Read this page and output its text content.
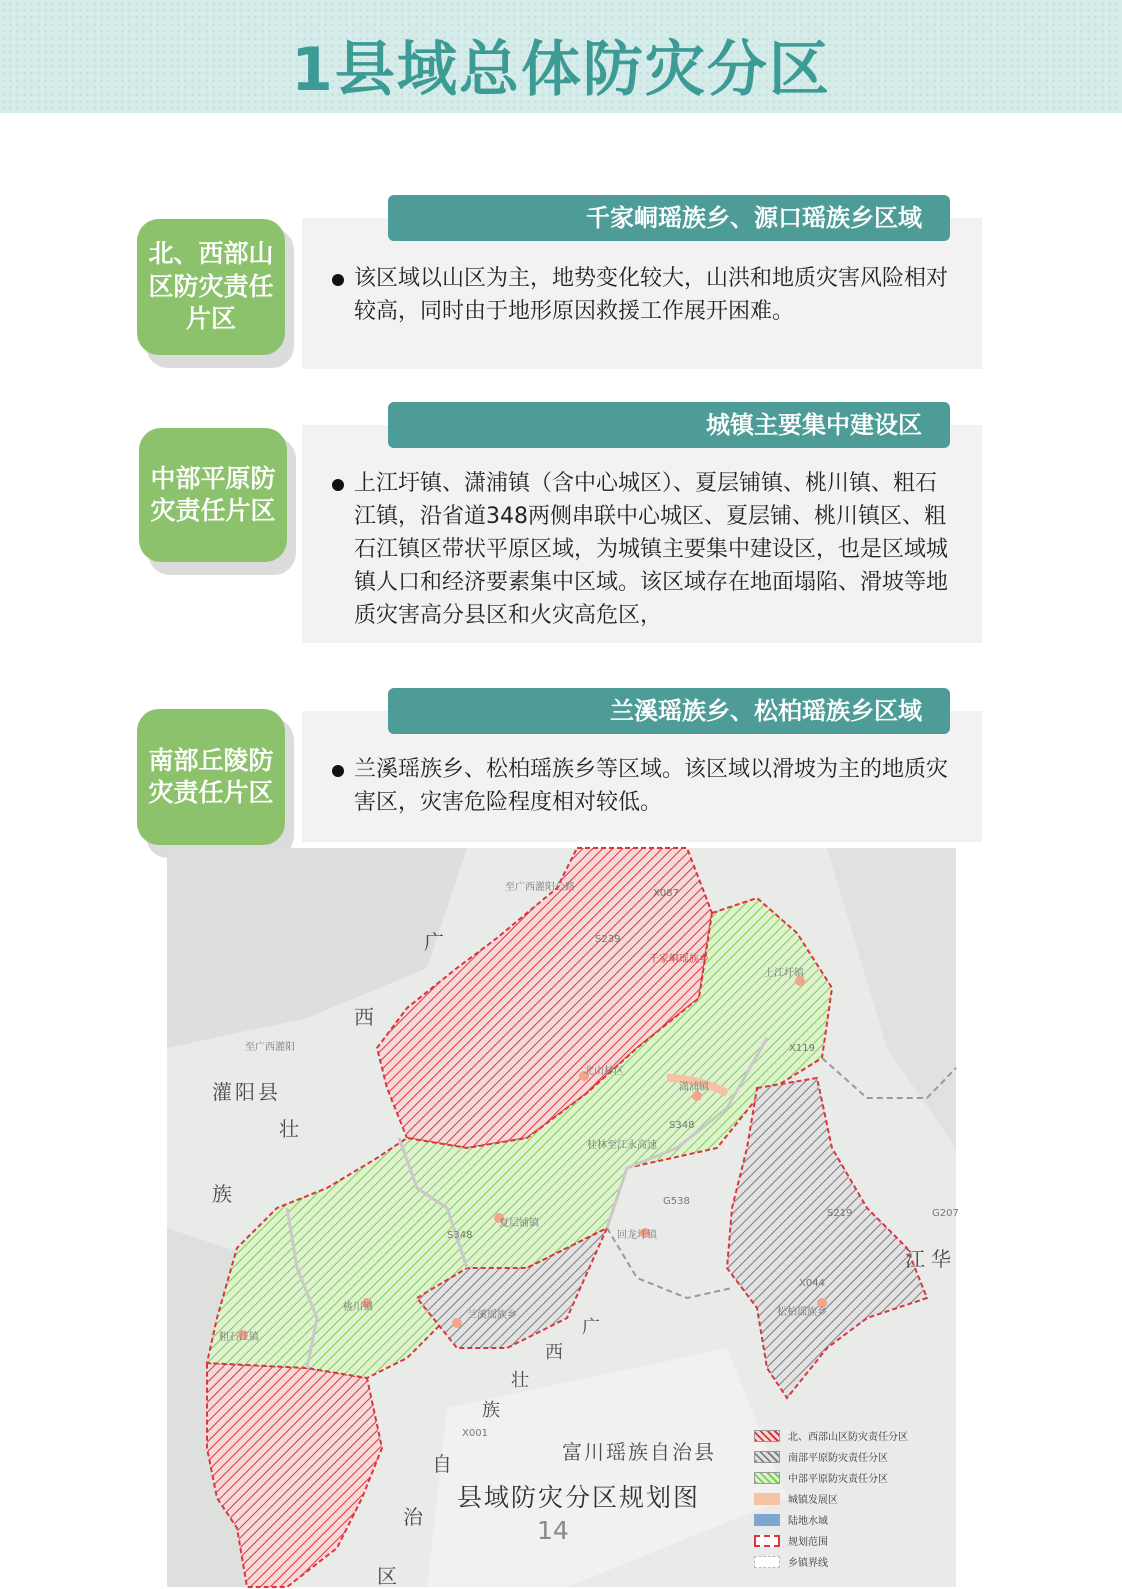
1县域总体防灾分区
千家峒瑶族乡、源口瑶族乡区域
北、西部山区防灾责任片区
该区域以山区为主，地势变化较大，山洪和地质灾害风险相对较高，同时由于地形原因救援工作展开困难。
城镇主要集中建设区
中部平原防灾责任片区
上江圩镇、潇浦镇（含中心城区）、夏层铺镇、桃川镇、粗石江镇，沿省道348两侧串联中心城区、夏层铺、桃川镇区、粗石江镇区带状平原区域，为城镇主要集中建设区，也是区域城镇人口和经济要素集中区域。该区域存在地面塌陷、滑坡等地质灾害高分县区和火灾高危区，
兰溪瑶族乡、松柏瑶族乡区域
南部丘陵防灾责任片区
兰溪瑶族乡、松柏瑶族乡等区域。该区域以滑坡为主的地质灾害区，灾害危险程度相对较低。
广
西
灌阳县
壮
族
自
治
区
富川瑶族自治县
江 华
广
西
壮
族
千家峒瑶族乡
上江圩镇
北山林区
潇浦镇
夏层铺镇
回龙圩镇
桃川镇
粗石江镇
兰溪瑶族乡	松柏瑶族乡
S239
X087
X119
S348
S348
X001
G538
G207
S219
X044
桂林至江永高速
至广西灌阳公路
至广西灌阳
县域防灾分区规划图
14
北、西部山区防灾责任分区
南部平原防灾责任分区
中部平原防灾责任分区
城镇发展区
陆地水域
规划范围
乡镇界线
